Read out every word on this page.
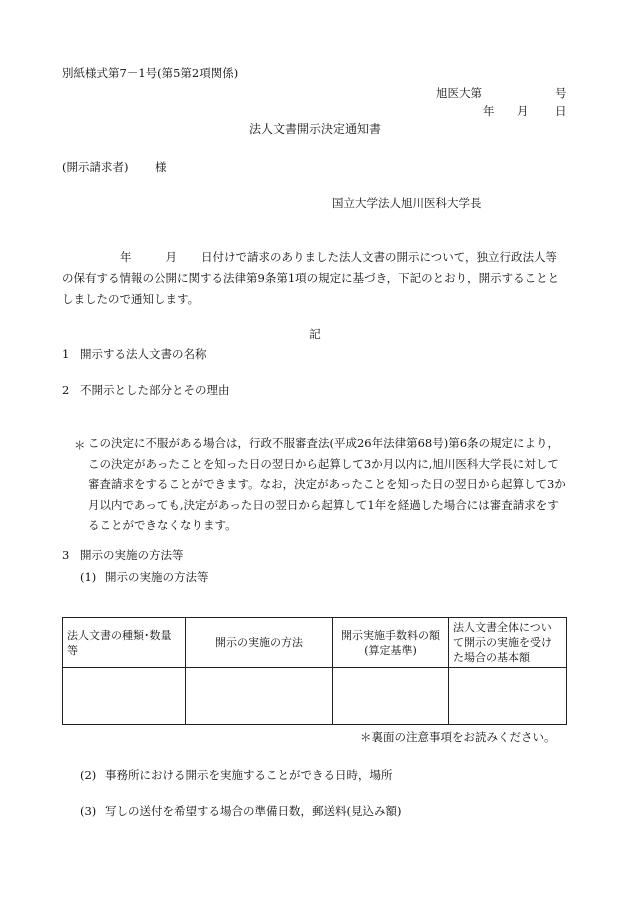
別紙様式第7－1号(第5第2項関係)
旭医大第	号
年 月 日
法人文書開示決定通知書
(開示請求者) 様
国立大学法人旭川医科大学長
年	月 日付けで請求のありました法人文書の開示について，独立行政法人等の保有する情報の公開に関する法律第9条第1項の規定に基づき，下記のとおり，開示することとしましたので通知します。
記
1 開示する法人文書の名称
2 不開示とした部分とその理由
＊ この決定に不服がある場合は，行政不服審査法(平成26年法律第68号)第6条の規定により，この決定があったことを知った日の翌日から起算して3か月以内に,旭川医科大学長に対して審査請求をすることができます。なお，決定があったことを知った日の翌日から起算して3か月以内であっても,決定があった日の翌日から起算して1年を経過した場合には審査請求をすることができなくなります。
3 開示の実施の方法等
(1) 開示の実施の方法等
法人文書の種類･数量等	開示の実施の方法	開示実施手数料の額(算定基準)	法人文書全体について開示の実施を受けた場合の基本額

＊裏面の注意事項をお読みください。
(2) 事務所における開示を実施することができる日時，場所
(3) 写しの送付を希望する場合の準備日数，郵送料(見込み額)
